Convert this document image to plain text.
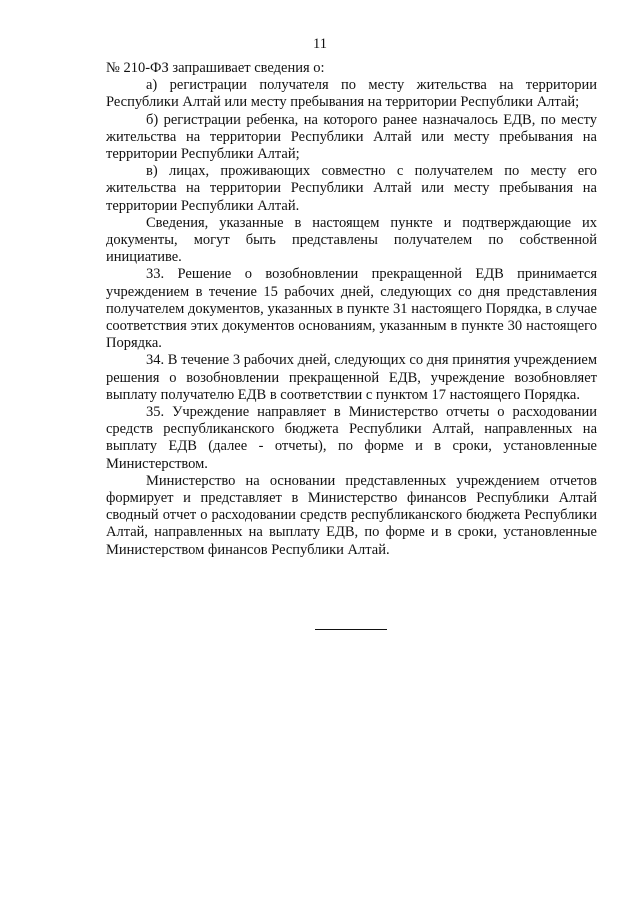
11

№ 210-ФЗ запрашивает сведения о:

а) регистрации получателя по месту жительства на территории Республики Алтай или месту пребывания на территории Республики Алтай;

б) регистрации ребенка, на которого ранее назначалось ЕДВ, по месту жительства на территории Республики Алтай или месту пребывания на территории Республики Алтай;

в) лицах, проживающих совместно с получателем по месту его жительства на территории Республики Алтай или месту пребывания на территории Республики Алтай.

Сведения, указанные в настоящем пункте и подтверждающие их документы, могут быть представлены получателем по собственной инициативе.

33. Решение о возобновлении прекращенной ЕДВ принимается учреждением в течение 15 рабочих дней, следующих со дня представления получателем документов, указанных в пункте 31 настоящего Порядка, в случае соответствия этих документов основаниям, указанным в пункте 30 настоящего Порядка.

34. В течение 3 рабочих дней, следующих со дня принятия учреждением решения о возобновлении прекращенной ЕДВ, учреждение возобновляет выплату получателю ЕДВ в соответствии с пунктом 17 настоящего Порядка.

35. Учреждение направляет в Министерство отчеты о расходовании средств республиканского бюджета Республики Алтай, направленных на выплату ЕДВ (далее - отчеты), по форме и в сроки, установленные Министерством.

Министерство на основании представленных учреждением отчетов формирует и представляет в Министерство финансов Республики Алтай сводный отчет о расходовании средств республиканского бюджета Республики Алтай, направленных на выплату ЕДВ, по форме и в сроки, установленные Министерством финансов Республики Алтай.
